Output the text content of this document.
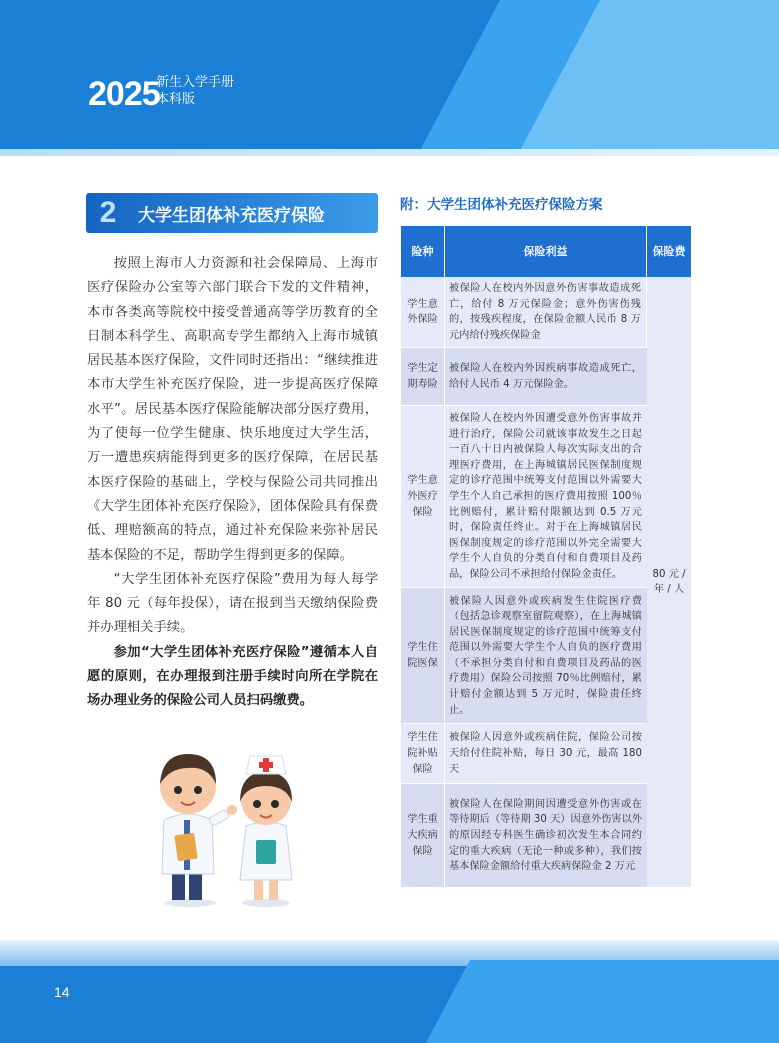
2025
新生入学手册
本科版
2	大学生团体补充医疗保险

按照上海市人力资源和社会保障局、上海市医疗保险办公室等六部门联合下发的文件精神，本市各类高等院校中接受普通高等学历教育的全日制本科学生、高职高专学生都纳入上海市城镇居民基本医疗保险，文件同时还指出：“继续推进本市大学生补充医疗保险，进一步提高医疗保障水平”。居民基本医疗保险能解决部分医疗费用，为了使每一位学生健康、快乐地度过大学生活，万一遭患疾病能得到更多的医疗保障，在居民基本医疗保险的基础上，学校与保险公司共同推出《大学生团体补充医疗保险》，团体保险具有保费低、理赔额高的特点，通过补充保险来弥补居民基本保险的不足，帮助学生得到更多的保障。

“大学生团体补充医疗保险”费用为每人每学年 80 元（每年投保），请在报到当天缴纳保险费并办理相关手续。

参加“大学生团体补充医疗保险”遵循本人自愿的原则，在办理报到注册手续时向所在学院在场办理业务的保险公司人员扫码缴费。

附：大学生团体补充医疗保险方案
险种	保险利益	保险费
学生意外保险	被保险人在校内外因意外伤害事故造成死亡，给付 8 万元保险金；意外伤害伤残的，按残疾程度，在保险金额人民币 8 万元内给付残疾保险金	80 元 / 年 / 人
学生定期寿险	被保险人在校内外因疾病事故造成死亡，给付人民币 4 万元保险金。	
学生意外医疗保险	被保险人在校内外因遭受意外伤害事故并进行治疗，保险公司就该事故发生之日起一百八十日内被保险人每次实际支出的合理医疗费用，在上海城镇居民医保制度规定的诊疗范围中统筹支付范围以外需要大学生个人自己承担的医疗费用按照 100％比例赔付，累计赔付限额达到 0.5 万元时，保险责任终止。对于在上海城镇居民医保制度规定的诊疗范围以外完全需要大学生个人自负的分类自付和自费项目及药品，保险公司不承担给付保险金责任。	
学生住院医保	被保险人因意外或疾病发生住院医疗费（包括急诊观察室留院观察），在上海城镇居民医保制度规定的诊疗范围中统筹支付范围以外需要大学生个人自负的医疗费用（不承担分类自付和自费项目及药品的医疗费用）保险公司按照 70％比例赔付，累计赔付金额达到 5 万元时，保险责任终止。	
学生住院补贴保险	被保险人因意外或疾病住院，保险公司按天给付住院补贴，每日 30 元，最高 180 天	
学生重大疾病保险	被保险人在保险期间因遭受意外伤害或在等待期后（等待期 30 天）因意外伤害以外的原因经专科医生确诊初次发生本合同约定的重大疾病（无论一种或多种），我们按基本保险金额给付重大疾病保险金 2 万元	
14
